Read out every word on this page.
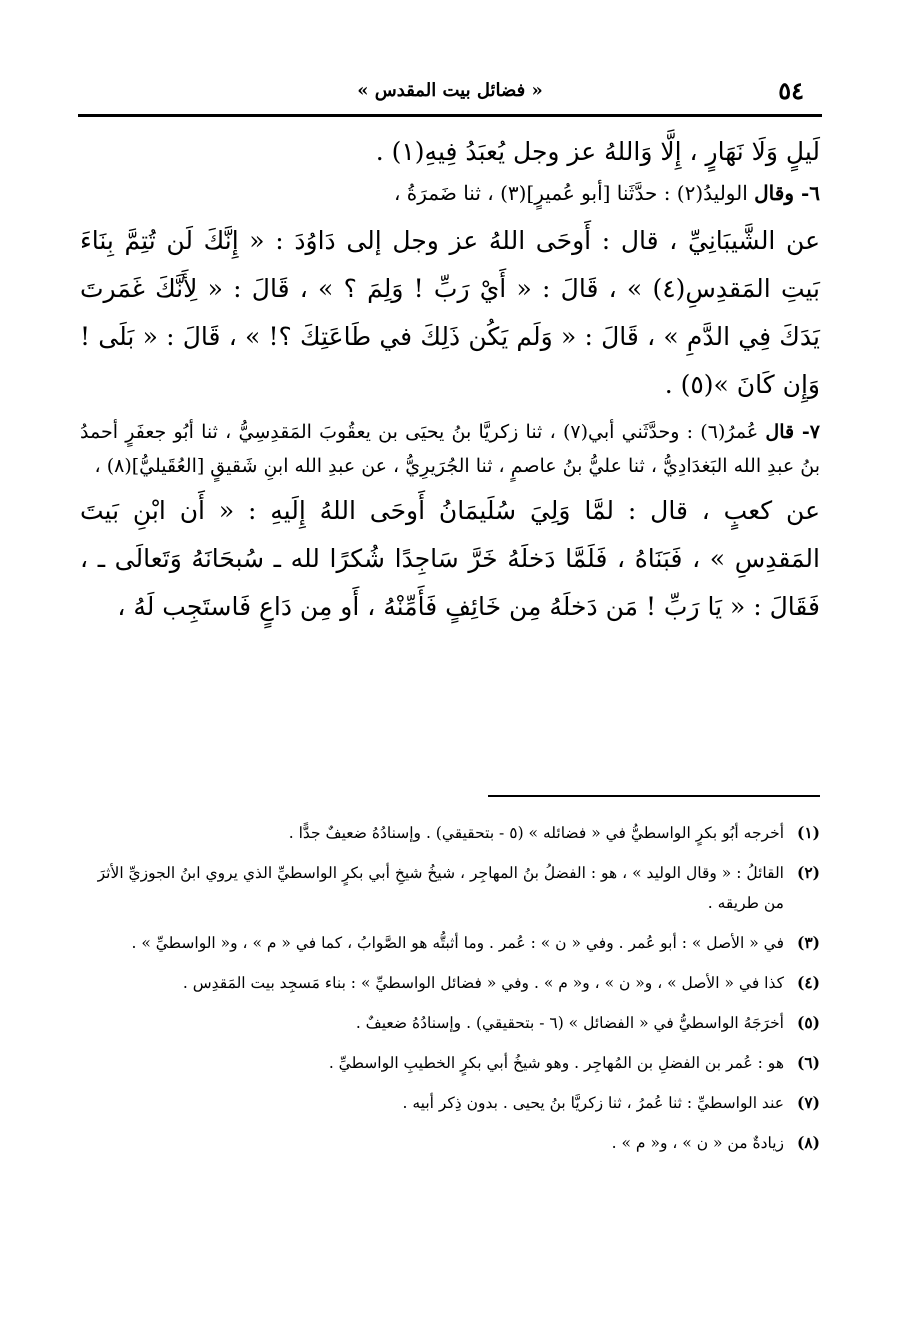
٥٤
« فضائل بيت المقدس »

لَيلٍ وَلَا نَهَارٍ ، إِلَّا وَاللهُ عز وجل يُعبَدُ فِيهِ(١) .

٦- وقال الوليدُ(٢) : حدَّثَنا [أبو عُميرٍ](٣) ، ثنا ضَمرَةُ ،

عن الشَّيبَانِيِّ ، قال : أَوحَى اللهُ عز وجل إلى دَاوُدَ : « إِنَّكَ لَن تُتِمَّ بِنَاءَ بَيتِ المَقدِسِ(٤) » ، قَالَ : « أَيْ رَبِّ ! وَلِمَ ؟ » ، قَالَ : « لِأَنَّكَ غَمَرتَ يَدَكَ فِي الدَّمِ » ، قَالَ : « وَلَم يَكُن ذَلِكَ في طَاعَتِكَ ؟! » ، قَالَ : « بَلَى ! وَإِن كَانَ »(٥) .

٧- قال عُمرُ(٦) : وحدَّثَني أبي(٧) ، ثنا زكريَّا بنُ يحيَى بن يعقُوبَ المَقدِسِيُّ ، ثنا أبُو جعفَرٍ أحمدُ بنُ عبدِ الله البَغدَادِيُّ ، ثنا عليُّ بنُ عاصمٍ ، ثنا الجُرَيرِيُّ ، عن عبدِ الله ابنِ شَقيقٍ [العُقَيليُّ](٨) ،

عن كعبٍ ، قال : لمَّا وَلِيَ سُلَيمَانُ أَوحَى اللهُ إِلَيهِ : « أَن ابْنِ بَيتَ المَقدِسِ » ، فَبَنَاهُ ، فَلَمَّا دَخلَهُ خَرَّ سَاجِدًا شُكرًا لله ـ سُبحَانَهُ وَتَعالَى ـ ، فَقَالَ : « يَا رَبِّ ! مَن دَخلَهُ مِن خَائِفٍ فَأَمِّنْهُ ، أَو مِن دَاعٍ فَاستَجِب لَهُ ،

(١)
أخرجه أبُو بكرٍ الواسطيُّ في « فضائله » (٥ - بتحقيقي) . وإسنادُهُ ضعيفٌ جدًّا .
(٢)
القائلُ : « وقال الوليد » ، هو : الفضلُ بنُ المهاجِر ، شيخُ شيخِ أبي بكرٍ الواسطيِّ الذي يروي ابنُ الجوزيِّ الأثرَ من طريقه .
(٣)
في « الأصل » : أبو عُمر . وفي « ن » : عُمر . وما أثبتُّه هو الصَّوابُ ، كما في « م » ، و« الواسطيِّ » .
(٤)
كذا في « الأصل » ، و« ن » ، و« م » . وفي « فضائل الواسطيِّ » : بناء مَسجِد بيت المَقدِس .
(٥)
أخرَجَهُ الواسطيُّ في « الفضائل » (٦ - بتحقيقي) . وإسنادُهُ ضعيفٌ .
(٦)
هو : عُمر بن الفضلِ بن المُهاجِر . وهو شيخُ أبي بكرٍ الخطيبِ الواسطيِّ .
(٧)
عند الواسطيِّ : ثنا عُمرُ ، ثنا زكريَّا بنُ يحيى . بدون ذِكر أبيه .
(٨)
زيادةٌ من « ن » ، و« م » .
